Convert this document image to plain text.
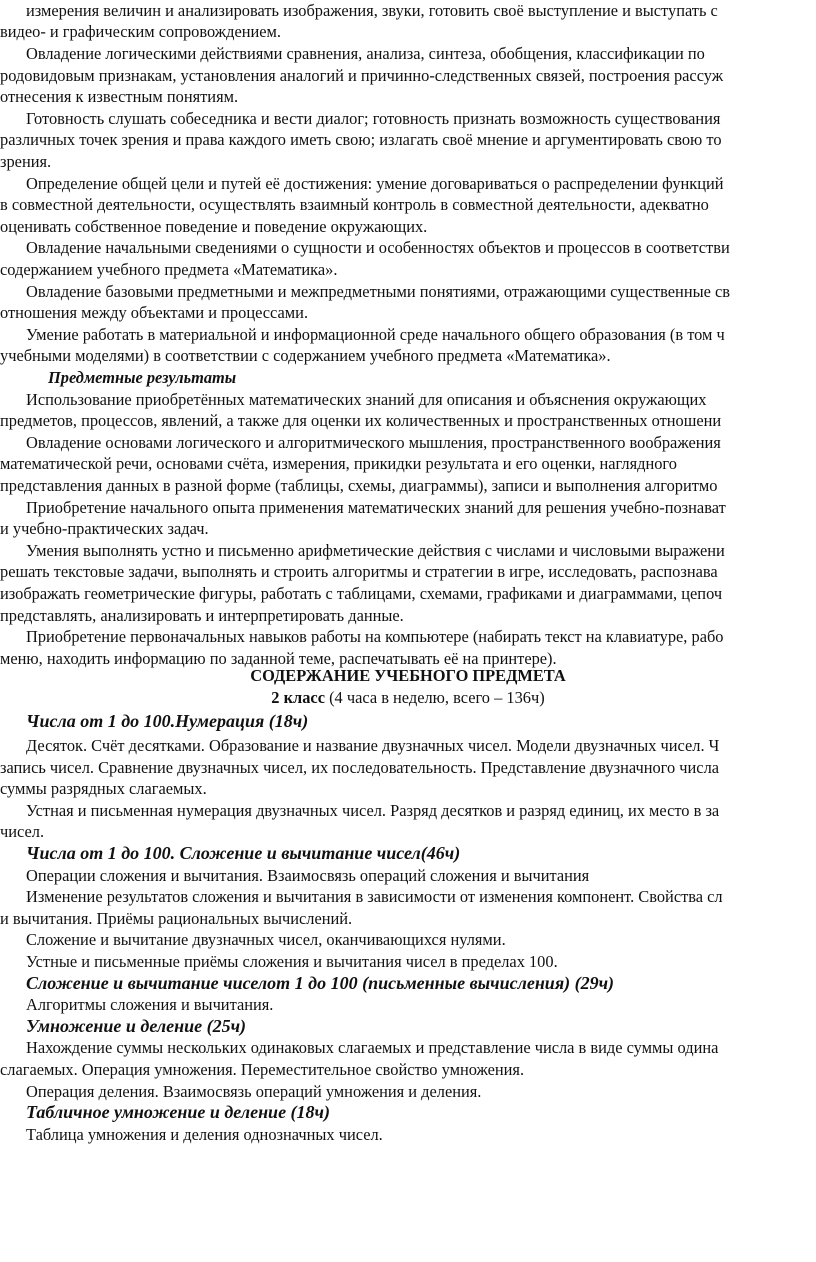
измерения величин и анализировать изображения, звуки, готовить своё выступление и выступать с
видео- и графическим сопровождением.
Овладение логическими действиями сравнения, анализа, синтеза, обобщения, классификации по
родовидовым признакам, установления аналогий и причинно-следственных связей, построения рассуж
отнесения к известным понятиям.
Готовность слушать собеседника и вести диалог; готовность признать возможность существования
различных точек зрения и права каждого иметь свою; излагать своё мнение и аргументировать свою то
зрения.
Определение общей цели и путей её достижения: умение договариваться о распределении функций
в совместной деятельности, осуществлять взаимный контроль в совместной деятельности, адекватно
оценивать собственное поведение и поведение окружающих.
Овладение начальными сведениями о сущности и особенностях объектов и процессов в соответстви
содержанием учебного предмета «Математика».
Овладение базовыми предметными и межпредметными понятиями, отражающими существенные св
отношения между объектами и процессами.
Умение работать в материальной и информационной среде начального общего образования (в том ч
учебными моделями) в соответствии с содержанием учебного предмета «Математика».
Предметные результаты
Использование приобретённых математических знаний для описания и объяснения окружающих
предметов, процессов, явлений, а также для оценки их количественных и пространственных отношени
Овладение основами логического и алгоритмического мышления, пространственного воображения
математической речи, основами счёта, измерения, прикидки результата и его оценки, наглядного
представления данных в разной форме (таблицы, схемы, диаграммы), записи и выполнения алгоритмо
Приобретение начального опыта применения математических знаний для решения учебно-познават
и учебно-практических задач.
Умения выполнять устно и письменно арифметические действия с числами и числовыми выражени
решать текстовые задачи, выполнять и строить алгоритмы и стратегии в игре, исследовать, распознава
изображать геометрические фигуры, работать с таблицами, схемами, графиками и диаграммами, цепоч
представлять, анализировать и интерпретировать данные.
Приобретение первоначальных навыков работы на компьютере (набирать текст на клавиатуре, рабо
меню, находить информацию по заданной теме, распечатывать её на принтере).
СОДЕРЖАНИЕ УЧЕБНОГО ПРЕДМЕТА
2 класс (4 часа в неделю, всего – 136ч)
Числа от 1 до 100.Нумерация (18ч)
Десяток. Счёт десятками. Образование и название двузначных чисел. Модели двузначных чисел. Ч
запись чисел. Сравнение двузначных чисел, их последовательность. Представление двузначного числа
суммы разрядных слагаемых.
Устная и письменная нумерация двузначных чисел. Разряд десятков и разряд единиц, их место в за
чисел.
Числа от 1 до 100. Сложение и вычитание чисел(46ч)
Операции сложения и вычитания. Взаимосвязь операций сложения и вычитания
Изменение результатов сложения и вычитания в зависимости от изменения компонент. Свойства сл
и вычитания. Приёмы рациональных вычислений.
Сложение и вычитание двузначных чисел, оканчивающихся нулями.
Устные и письменные приёмы сложения и вычитания чисел в пределах 100.
Сложение и вычитание чиселот 1 до 100 (письменные вычисления) (29ч)
Алгоритмы сложения и вычитания.
Умножение и деление (25ч)
Нахождение суммы нескольких одинаковых слагаемых и представление числа в виде суммы одина
слагаемых. Операция умножения. Переместительное свойство умножения.
Операция деления. Взаимосвязь операций умножения и деления.
Табличное умножение и деление (18ч)
Таблица умножения и деления однозначных чисел.
